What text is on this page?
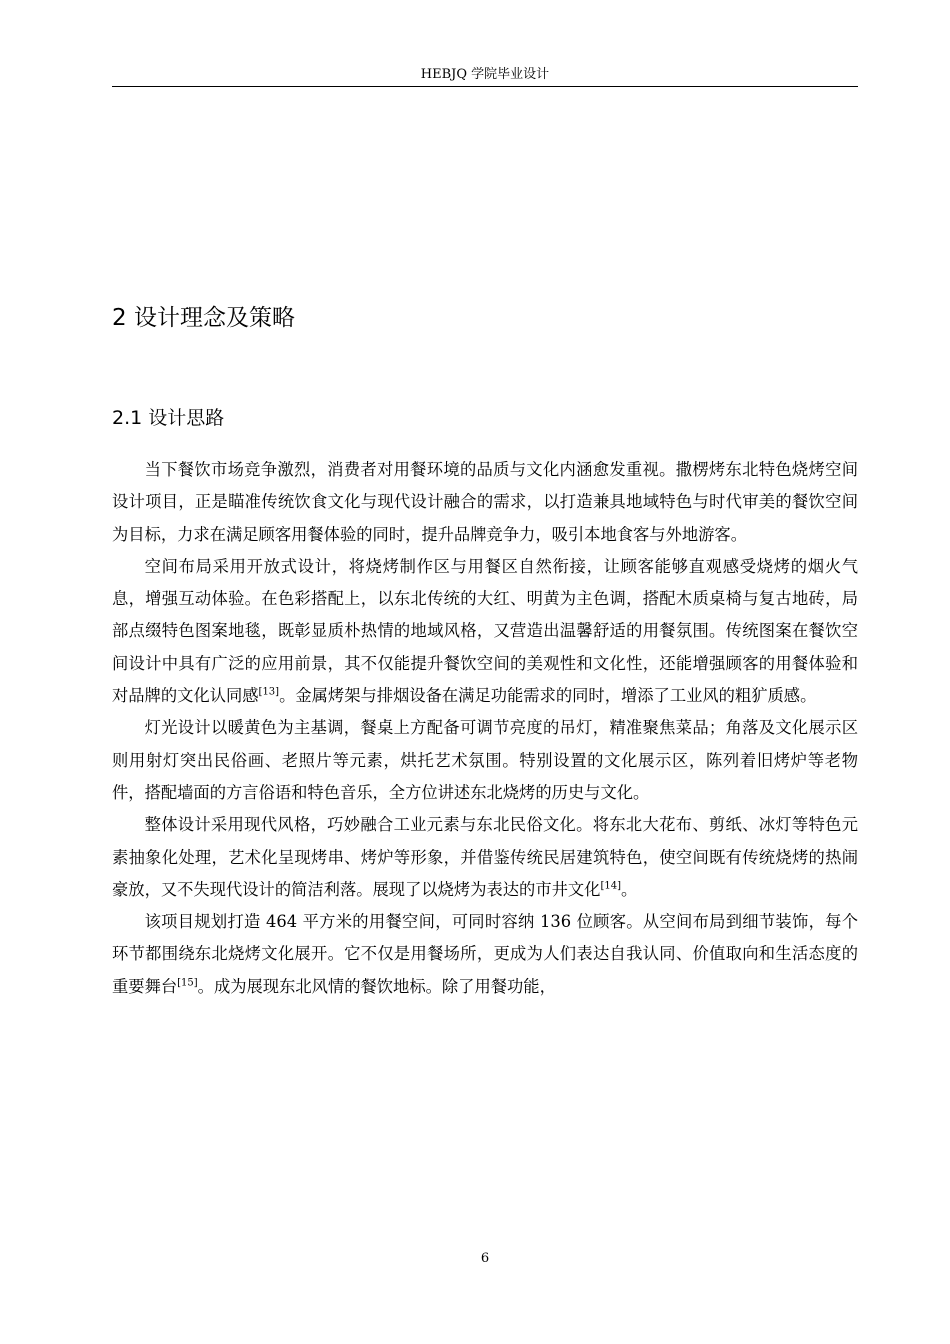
HEBJQ 学院毕业设计
2 设计理念及策略
2.1 设计思路

当下餐饮市场竞争激烈，消费者对用餐环境的品质与文化内涵愈发重视。撒楞烤东北特色烧烤空间设计项目，正是瞄准传统饮食文化与现代设计融合的需求，以打造兼具地域特色与时代审美的餐饮空间为目标，力求在满足顾客用餐体验的同时，提升品牌竞争力，吸引本地食客与外地游客。

空间布局采用开放式设计，将烧烤制作区与用餐区自然衔接，让顾客能够直观感受烧烤的烟火气息，增强互动体验。在色彩搭配上，以东北传统的大红、明黄为主色调，搭配木质桌椅与复古地砖，局部点缀特色图案地毯，既彰显质朴热情的地域风格，又营造出温馨舒适的用餐氛围。传统图案在餐饮空间设计中具有广泛的应用前景，其不仅能提升餐饮空间的美观性和文化性，还能增强顾客的用餐体验和对品牌的文化认同感[13]。金属烤架与排烟设备在满足功能需求的同时，增添了工业风的粗犷质感。

灯光设计以暖黄色为主基调，餐桌上方配备可调节亮度的吊灯，精准聚焦菜品；角落及文化展示区则用射灯突出民俗画、老照片等元素，烘托艺术氛围。特别设置的文化展示区，陈列着旧烤炉等老物件，搭配墙面的方言俗语和特色音乐，全方位讲述东北烧烤的历史与文化。

整体设计采用现代风格，巧妙融合工业元素与东北民俗文化。将东北大花布、剪纸、冰灯等特色元素抽象化处理，艺术化呈现烤串、烤炉等形象，并借鉴传统民居建筑特色，使空间既有传统烧烤的热闹豪放，又不失现代设计的简洁利落。展现了以烧烤为表达的市井文化[14]。

该项目规划打造 464 平方米的用餐空间，可同时容纳 136 位顾客。从空间布局到细节装饰，每个环节都围绕东北烧烤文化展开。它不仅是用餐场所，更成为人们表达自我认同、价值取向和生活态度的重要舞台[15]。成为展现东北风情的餐饮地标。除了用餐功能，

6
